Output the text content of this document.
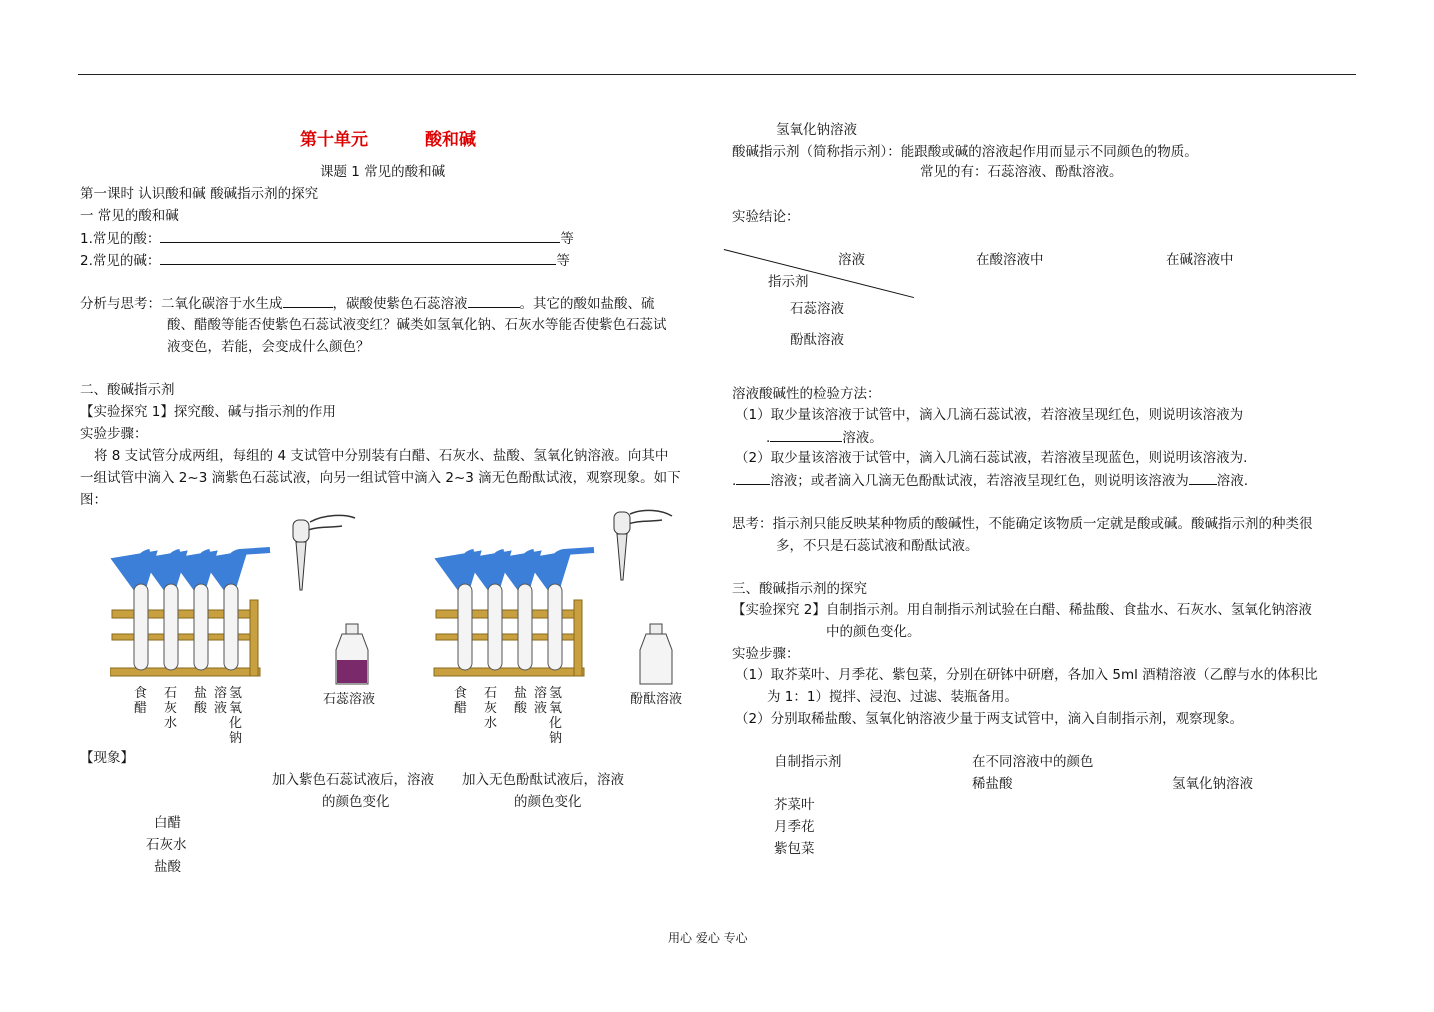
第十单元	酸和碱
课题 1 常见的酸和碱
第一课时 认识酸和碱 酸碱指示剂的探究
一 常见的酸和碱
1.常见的酸：	等
2.常见的碱：	等
分析与思考：二氧化碳溶于水生成	，碳酸使紫色石蕊溶液	。其它的酸如盐酸、硫
酸、醋酸等能否使紫色石蕊试液变红？碱类如氢氧化钠、石灰水等能否使紫色石蕊试
液变色，若能，会变成什么颜色？
二、酸碱指示剂
【实验探究 1】探究酸、碱与指示剂的作用
实验步骤：
将 8 支试管分成两组，每组的 4 支试管中分别装有白醋、石灰水、盐酸、氢氧化钠溶液。向其中
一组试管中滴入 2~3 滴紫色石蕊试液，向另一组试管中滴入 2~3 滴无色酚酞试液，观察现象。如下
图：
食醋
石灰水
盐酸
溶液
氢氧化钠
石蕊溶液	食醋
石灰水
盐酸
溶液
氢氧化钠
酚酞溶液
【现象】
加入紫色石蕊试液后，溶液
的颜色变化
加入无色酚酞试液后，溶液
的颜色变化
白醋
石灰水
盐酸
氢氧化钠溶液
酸碱指示剂（简称指示剂）：能跟酸或碱的溶液起作用而显示不同颜色的物质。
常见的有：石蕊溶液、酚酞溶液。
实验结论：
溶液	在酸溶液中	在碱溶液中
指示剂
石蕊溶液
酚酞溶液
溶液酸碱性的检验方法：
（1）取少量该溶液于试管中，滴入几滴石蕊试液，若溶液呈现红色，则说明该溶液为
.	溶液。
（2）取少量该溶液于试管中，滴入几滴石蕊试液，若溶液呈现蓝色，则说明该溶液为.
.	溶液；或者滴入几滴无色酚酞试液，若溶液呈现红色，则说明该溶液为 溶液.
思考：指示剂只能反映某种物质的酸碱性，不能确定该物质一定就是酸或碱。酸碱指示剂的种类很
多，不只是石蕊试液和酚酞试液。
三、酸碱指示剂的探究
【实验探究 2】自制指示剂。用自制指示剂试验在白醋、稀盐酸、食盐水、石灰水、氢氧化钠溶液
中的颜色变化。
实验步骤：
（1）取芥菜叶、月季花、紫包菜，分别在研钵中研磨，各加入 5ml 酒精溶液（乙醇与水的体积比
为 1：1）搅拌、浸泡、过滤、装瓶备用。
（2）分别取稀盐酸、氢氧化钠溶液少量于两支试管中，滴入自制指示剂，观察现象。
自制指示剂	在不同溶液中的颜色
稀盐酸	氢氧化钠溶液
芥菜叶
月季花
紫包菜
用心 爱心 专心
